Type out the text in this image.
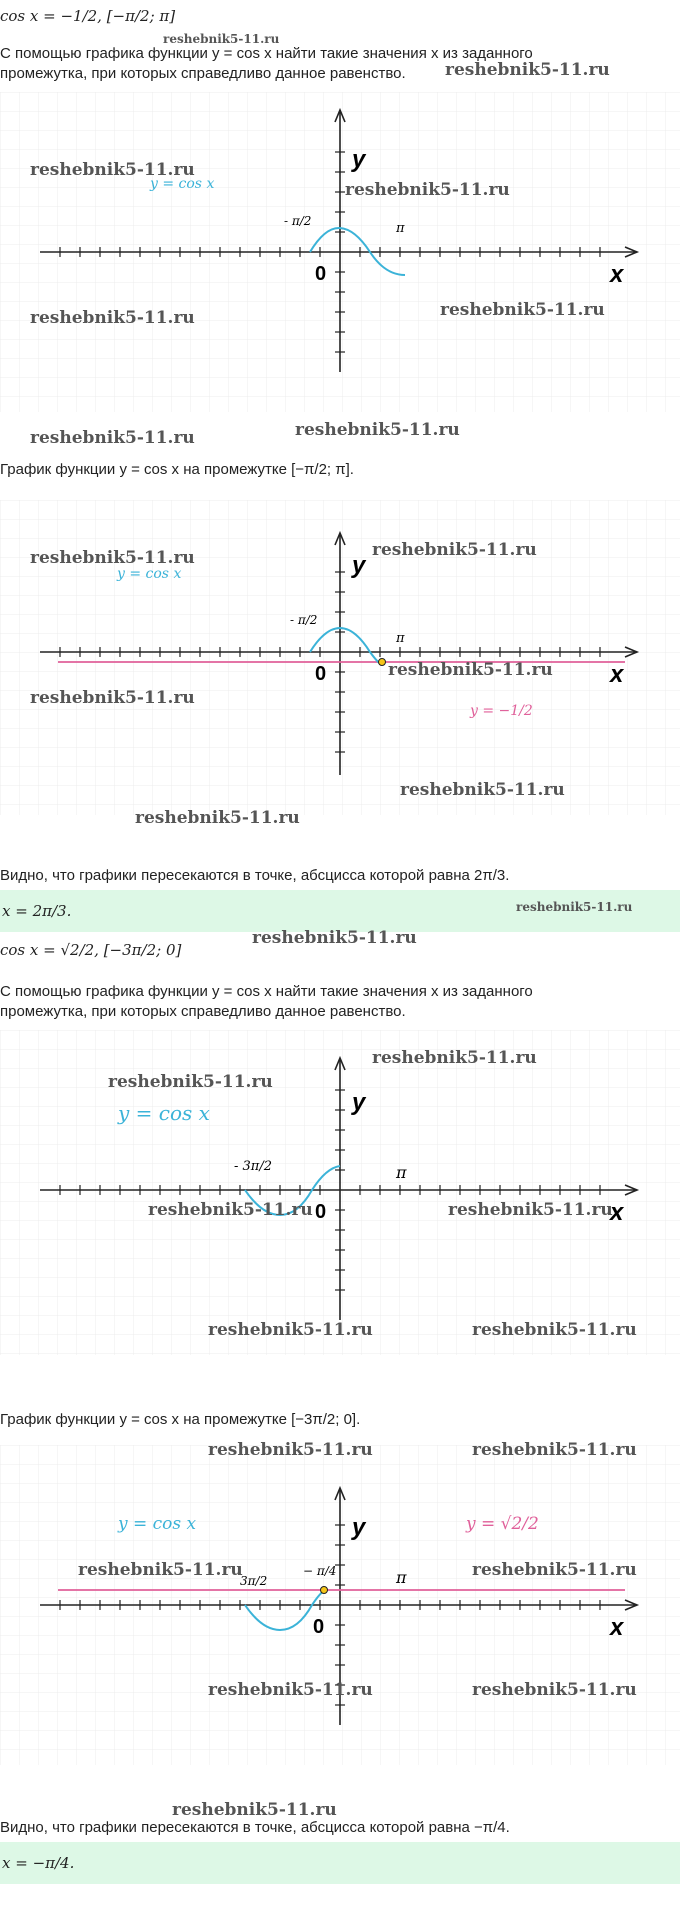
cos x = −1/2, [−π/2; π]
С помощью графика функции y = cos x найти такие значения x из заданного промежутка, при которых справедливо данное равенство.
y = cos x
y
x
0
- π/2	π
График функции y = cos x на промежутке [−π/2; π].
y = cos x
y = −1/2
y
x
0
- π/2
π
Видно, что графики пересекаются в точке, абсцисса которой равна 2π/3.
x = 2π/3.
cos x = √2/2, [−3π/2; 0]
С помощью графика функции y = cos x найти такие значения x из заданного промежутка, при которых справедливо данное равенство.
y = cos x	y
x
0
- 3π/2	π
График функции y = cos x на промежутке [−3π/2; 0].
y = cos x	y = √2/2
y
x
0
3π/2
− π/4	π
Видно, что графики пересекаются в точке, абсцисса которой равна −π/4.
x = −π/4.
reshebnik5-11.ru
reshebnik5-11.ru
reshebnik5-11.ru
reshebnik5-11.ru
reshebnik5-11.ru	reshebnik5-11.ru
reshebnik5-11.ru	reshebnik5-11.ru
reshebnik5-11.ru	reshebnik5-11.ru
reshebnik5-11.ru
reshebnik5-11.ru
reshebnik5-11.ru
reshebnik5-11.ru
reshebnik5-11.ru
reshebnik5-11.ru
reshebnik5-11.ru
reshebnik5-11.ru
reshebnik5-11.ru	reshebnik5-11.ru
reshebnik5-11.ru	reshebnik5-11.ru
reshebnik5-11.ru	reshebnik5-11.ru
reshebnik5-11.ru	reshebnik5-11.ru
reshebnik5-11.ru	reshebnik5-11.ru
reshebnik5-11.ru
